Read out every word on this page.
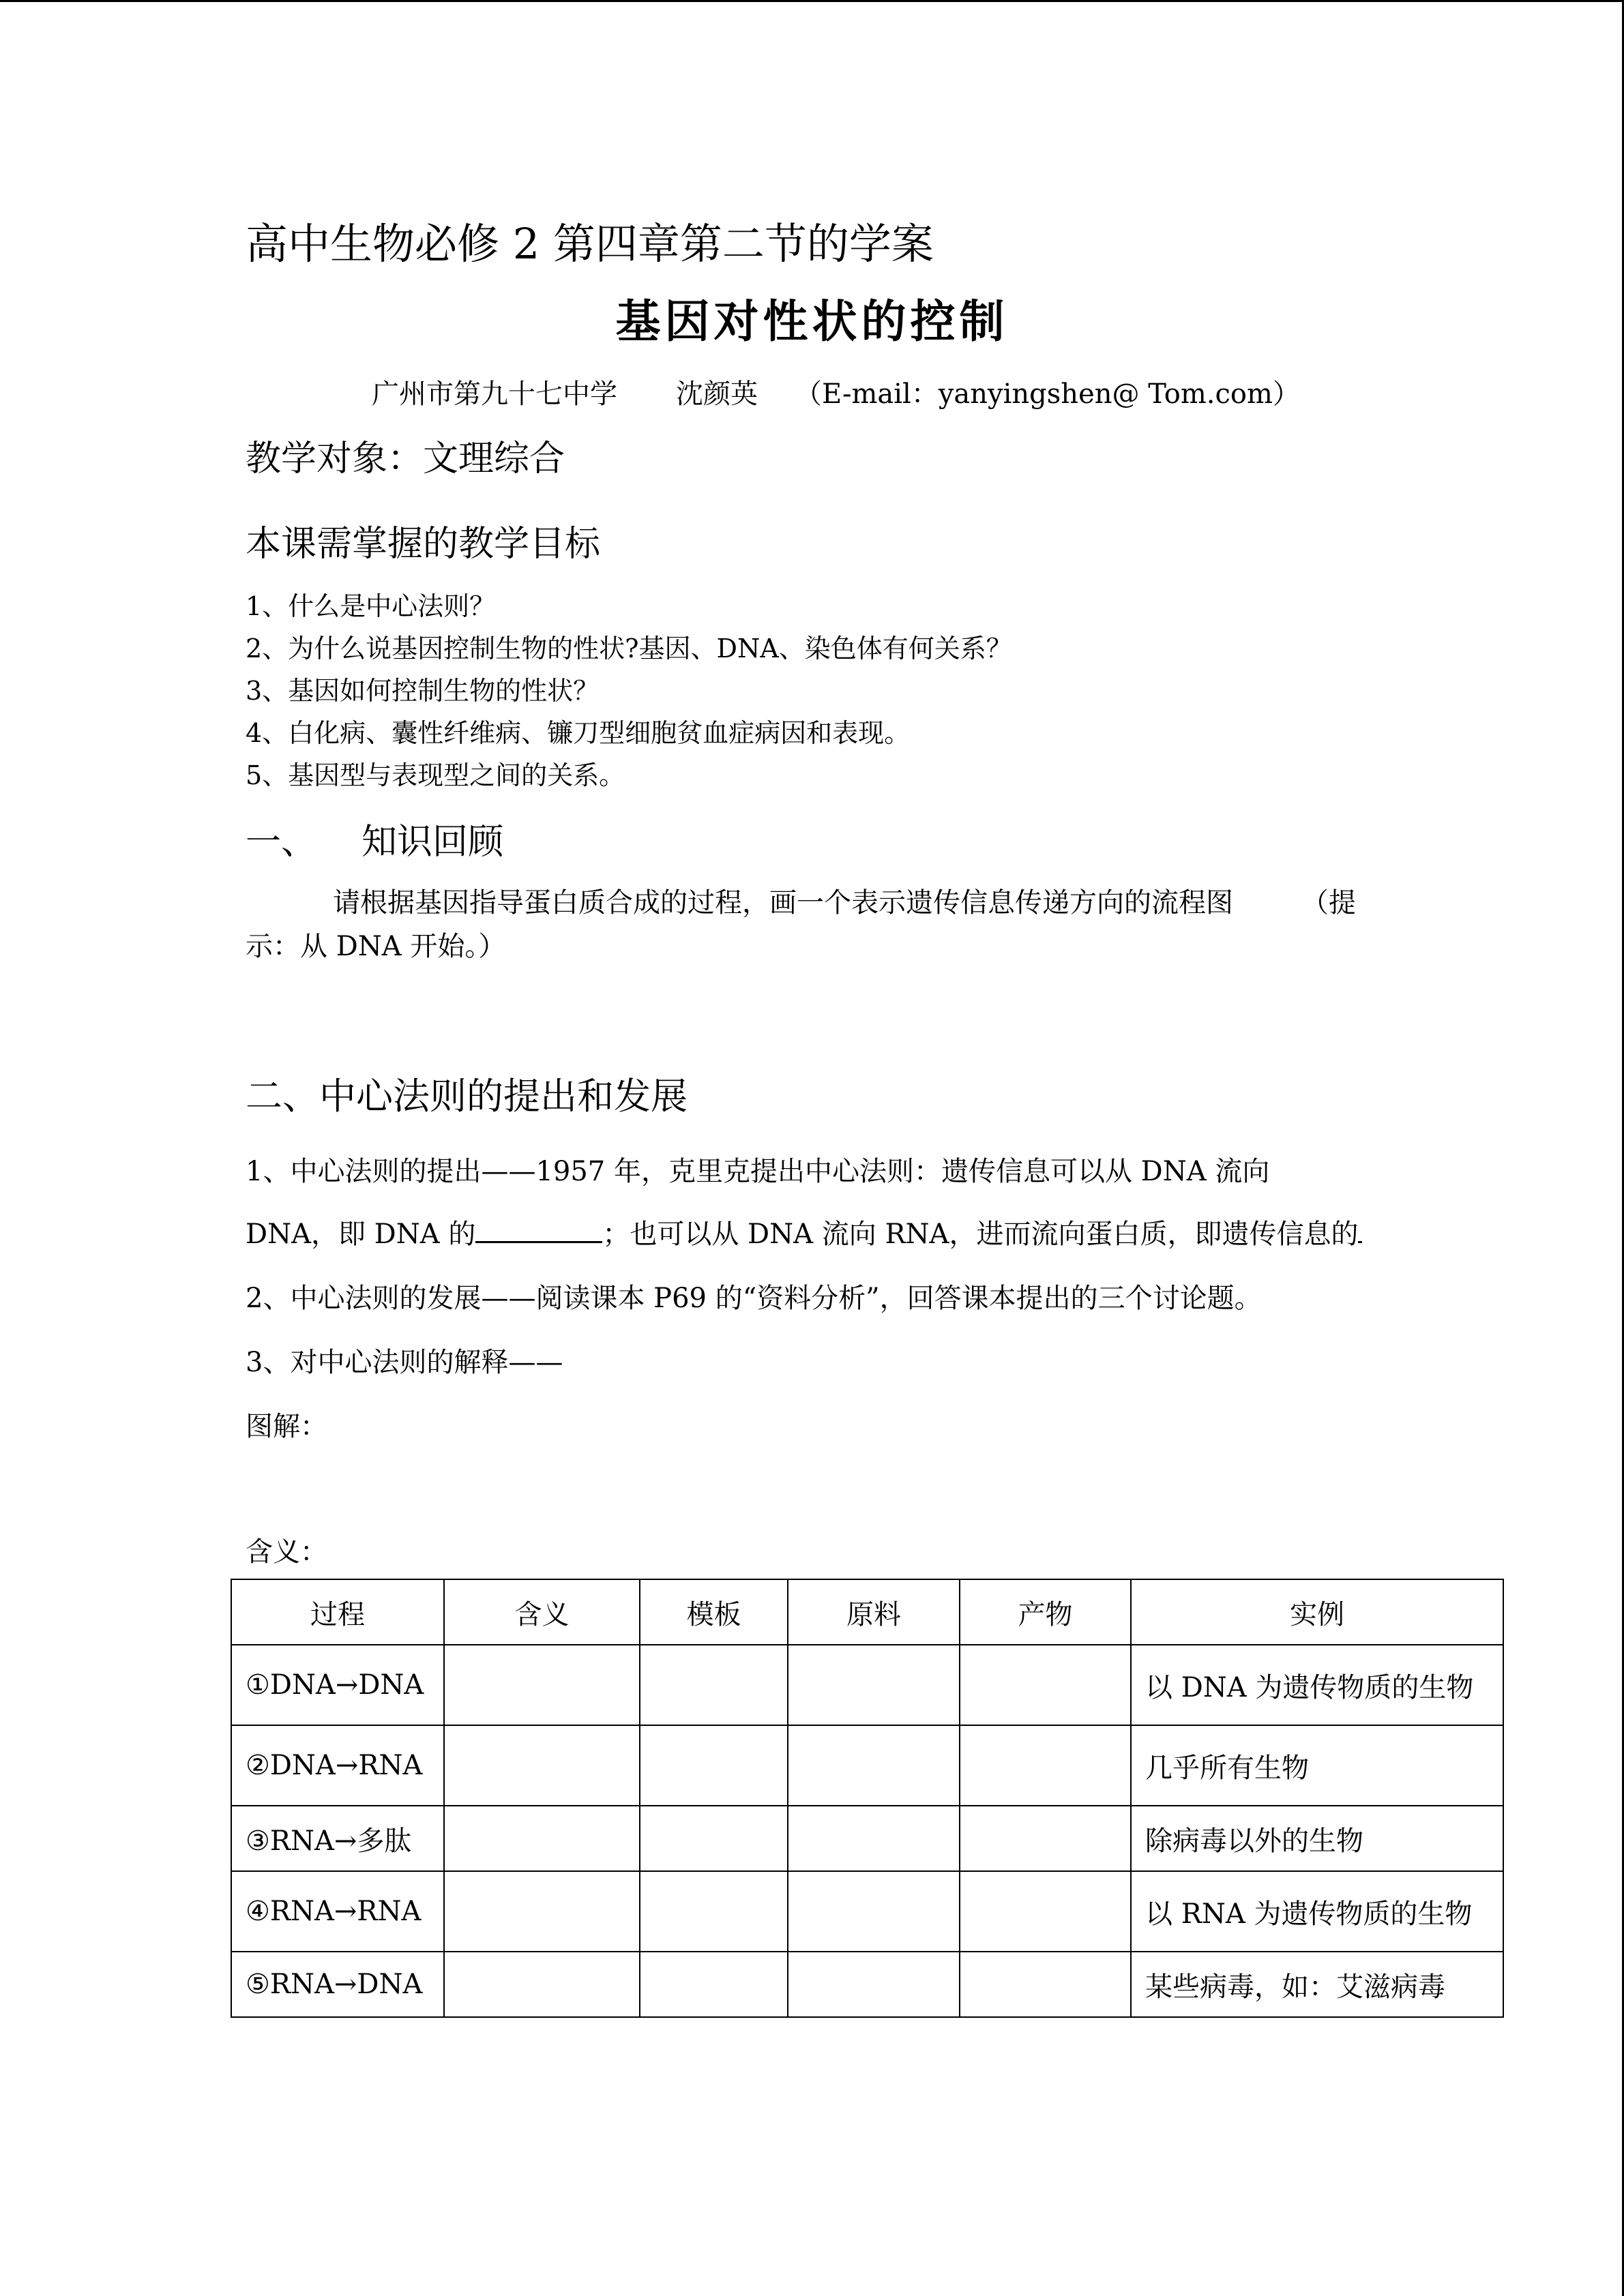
高中生物必修 2 第四章第二节的学案
基因对性状的控制
广州市第九十七中学 沈颜英 （E-mail：yanyingshen@ Tom.com）
教学对象：文理综合
本课需掌握的教学目标
1、什么是中心法则？
2、为什么说基因控制生物的性状?基因、DNA、染色体有何关系？
3、基因如何控制生物的性状？
4、白化病、囊性纤维病、镰刀型细胞贫血症病因和表现。
5、基因型与表现型之间的关系。
一、 知识回顾
请根据基因指导蛋白质合成的过程，画一个表示遗传信息传递方向的流程图	（提
示：从 DNA 开始。）
二、中心法则的提出和发展
1、中心法则的提出——1957 年，克里克提出中心法则：遗传信息可以从 DNA 流向
DNA，即 DNA 的	；也可以从 DNA 流向 RNA，进而流向蛋白质，即遗传信息的
2、中心法则的发展——阅读课本 P69 的“资料分析”，回答课本提出的三个讨论题。
3、对中心法则的解释——
图解：
含义：
过程	含义	模板	原料	产物	实例
①DNA→DNA					以 DNA 为遗传物质的生物
②DNA→RNA					几乎所有生物
③RNA→多肽					除病毒以外的生物
④RNA→RNA					以 RNA 为遗传物质的生物
⑤RNA→DNA					某些病毒，如：艾滋病毒
